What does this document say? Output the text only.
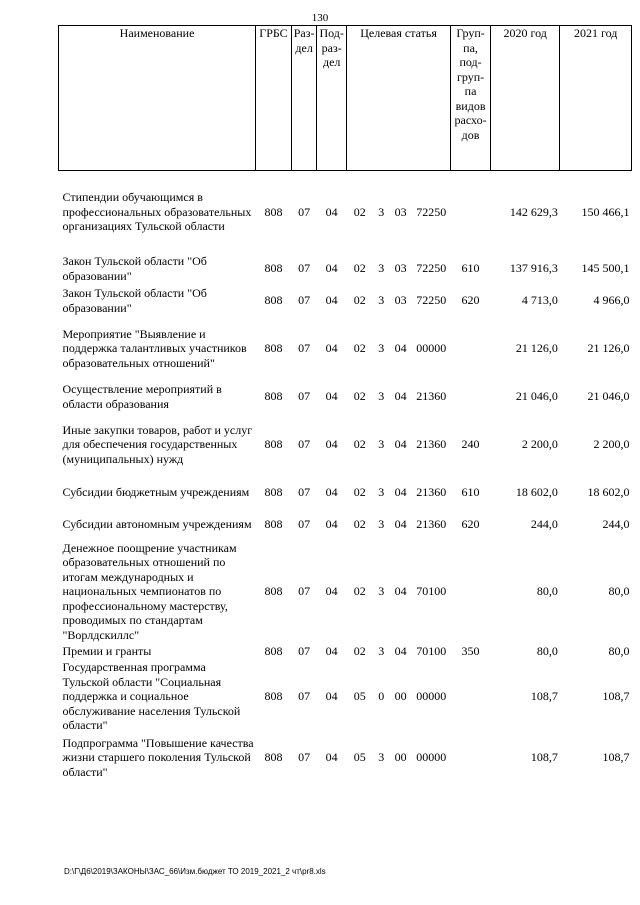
130
Наименование	ГРБС	Раз-дел	Под-раз-дел	Целевая статья				Груп-па, под-груп-па видов расхо-дов	2020 год	2021 год
Стипендии обучающимся в профессиональных образовательных организациях Тульской области	808	07	04	02	3	03	72250		142 629,3	150 466,1
Закон Тульской области "Об образовании"	808	07	04	02	3	03	72250	610	137 916,3	145 500,1
Закон Тульской области "Об образовании"	808	07	04	02	3	03	72250	620	4 713,0	4 966,0
Мероприятие "Выявление и поддержка талантливых участников образовательных отношений"	808	07	04	02	3	04	00000		21 126,0	21 126,0
Осуществление мероприятий в области образования	808	07	04	02	3	04	21360		21 046,0	21 046,0
Иные закупки товаров, работ и услуг для обеспечения государственных (муниципальных) нужд	808	07	04	02	3	04	21360	240	2 200,0	2 200,0
Субсидии бюджетным учреждениям	808	07	04	02	3	04	21360	610	18 602,0	18 602,0
Субсидии автономным учреждениям	808	07	04	02	3	04	21360	620	244,0	244,0
Денежное поощрение участникам образовательных отношений по итогам международных и национальных чемпионатов по профессиональному мастерству, проводимых по стандартам "Ворлдскиллс"	808	07	04	02	3	04	70100		80,0	80,0
Премии и гранты	808	07	04	02	3	04	70100	350	80,0	80,0
Государственная программа Тульской области "Социальная поддержка и социальное обслуживание населения Тульской области"	808	07	04	05	0	00	00000		108,7	108,7
Подпрограмма "Повышение качества жизни старшего поколения Тульской области"	808	07	04	05	3	00	00000		108,7	108,7
D:\Г\Д6\2019\ЗАКОНЫ\ЗАС_66\Изм.бюджет ТО 2019_2021_2 чт\pr8.xls
